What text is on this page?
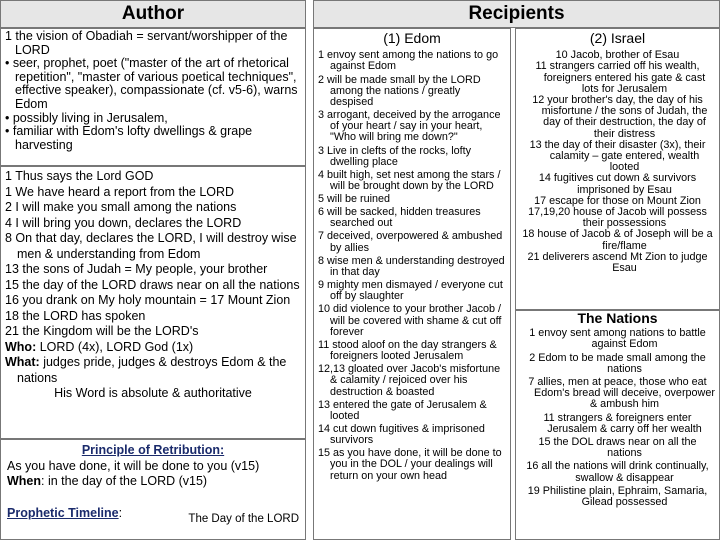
Author	Recipients

1 the vision of Obadiah = servant/worshipper of the LORD

• seer, prophet, poet ("master of the art of rhetorical repetition", "master of various poetical techniques", effective speaker), compassionate (cf. v5-6), warns Edom

• possibly living in Jerusalem,

• familiar with Edom's lofty dwellings & grape harvesting

1 Thus says the Lord GOD

1 We have heard a report from the LORD

2 I will make you small among the nations

4 I will bring you down, declares the LORD

8 On that day, declares the LORD, I will destroy wise men & understanding from Edom

13 the sons of Judah = My people, your brother

15 the day of the LORD draws near on all the nations

16 you drank on My holy mountain = 17 Mount Zion

18 the LORD has spoken

21 the Kingdom will be the LORD's

Who: LORD (4x), LORD God (1x)

What: judges pride, judges & destroys Edom & the nations

His Word is absolute & authoritative

Principle of Retribution:

As you have done, it will be done to you (v15)

When: in the day of the LORD (v15)

Prophetic Timeline:	The Day of the LORD
(1) Edom

1 envoy sent among the nations to go against Edom

2 will be made small by the LORD among the nations / greatly despised

3 arrogant, deceived by the arrogance of your heart / say in your heart, "Who will bring me down?"

3 Live in clefts of the rocks, lofty dwelling place

4 built high, set nest among the stars / will be brought down by the LORD

5 will be ruined

6 will be sacked, hidden treasures searched out

7 deceived, overpowered & ambushed by allies

8 wise men & understanding destroyed in that day

9 mighty men dismayed / everyone cut off by slaughter

10 did violence to your brother Jacob / will be covered with shame & cut off forever

11 stood aloof on the day strangers & foreigners looted Jerusalem

12,13 gloated over Jacob's misfortune & calamity / rejoiced over his destruction & boasted

13 entered the gate of Jerusalem & looted

14 cut down fugitives & imprisoned survivors

15 as you have done, it will be done to you in the DOL / your dealings will return on your own head

(2) Israel

10 Jacob, brother of Esau

11 strangers carried off his wealth, foreigners entered his gate & cast lots for Jerusalem

12 your brother's day, the day of his misfortune / the sons of Judah, the day of their destruction, the day of their distress

13 the day of their disaster (3x), their calamity – gate entered, wealth looted

14 fugitives cut down & survivors imprisoned by Esau

17 escape for those on Mount Zion

17,19,20 house of Jacob will possess their possessions

18 house of Jacob & of Joseph will be a fire/flame

21 deliverers ascend Mt Zion to judge Esau

The Nations

1 envoy sent among nations to battle against Edom

2 Edom to be made small among the nations

7 allies, men at peace, those who eat Edom's bread will deceive, overpower & ambush him

11 strangers & foreigners enter Jerusalem & carry off her wealth

15 the DOL draws near on all the nations

16 all the nations will drink continually, swallow & disappear

19 Philistine plain, Ephraim, Samaria, Gilead possessed
